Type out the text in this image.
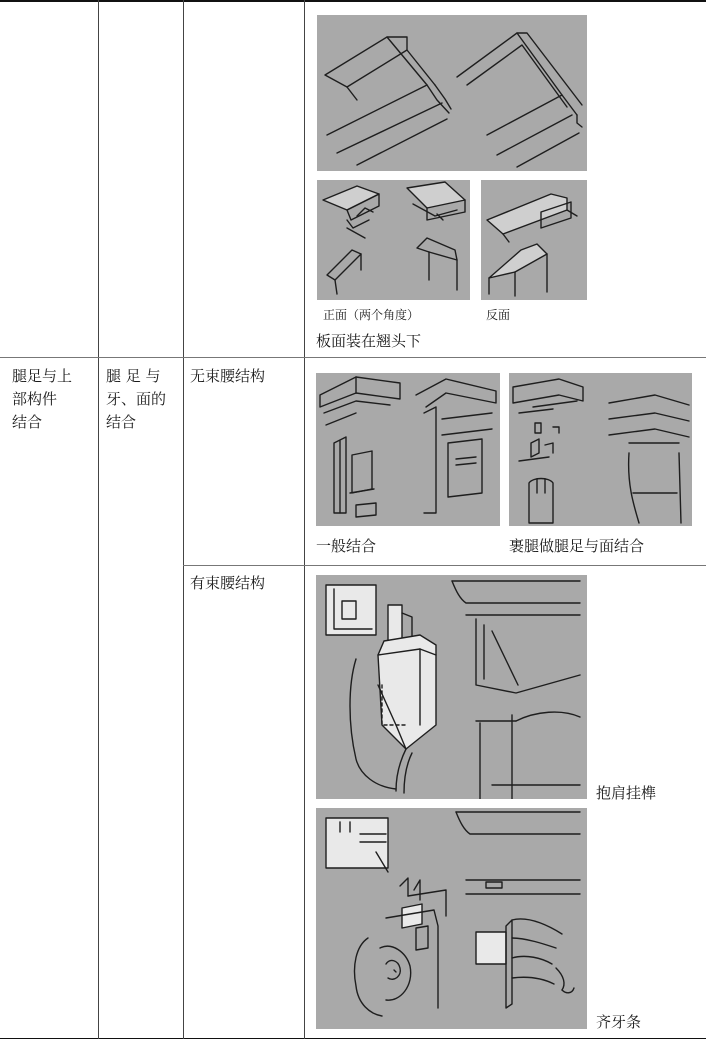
腿足与上
部构件
结合
腿 足 与
牙、面的
结合
无束腰结构
有束腰结构
正面（两个角度）	反面
板面装在翘头下
一般结合	裹腿做腿足与面结合
抱肩挂榫
齐牙条
